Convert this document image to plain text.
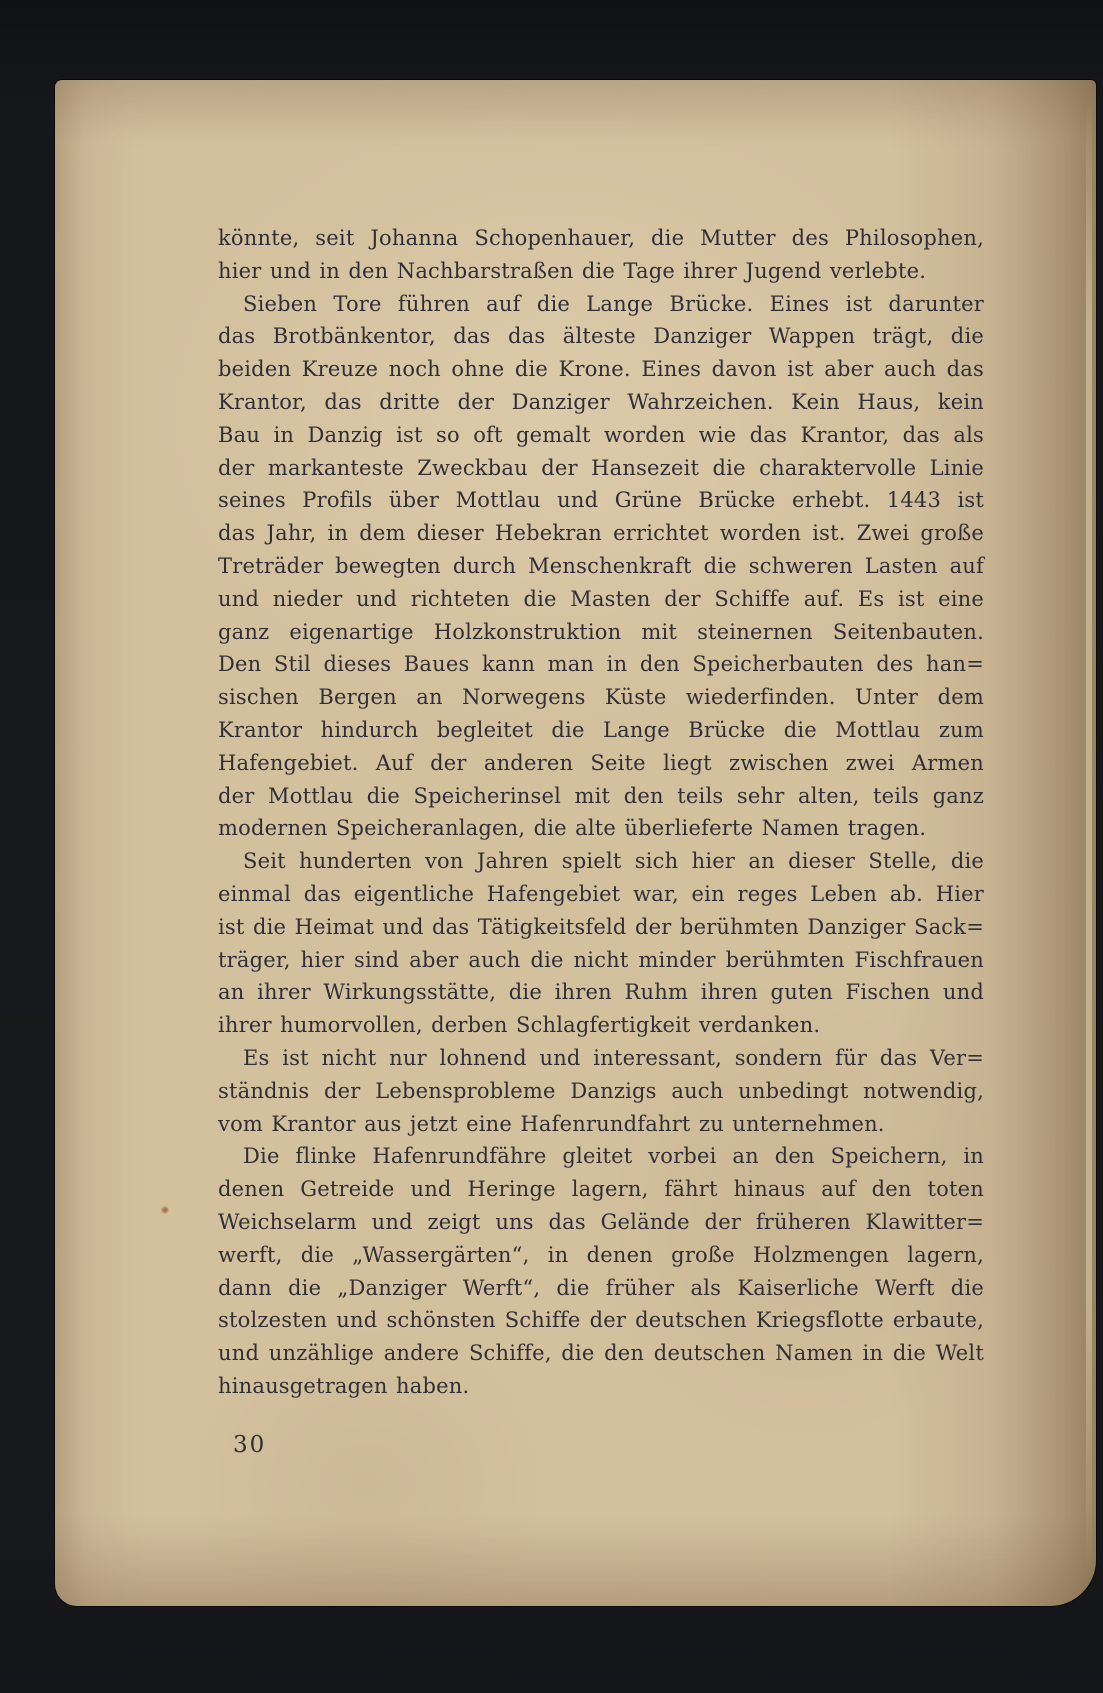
könnte, seit Johanna Schopenhauer, die Mutter des Philosophen,
hier und in den Nachbarstraßen die Tage ihrer Jugend verlebte.
Sieben Tore führen auf die Lange Brücke. Eines ist darunter
das Brotbänkentor, das das älteste Danziger Wappen trägt, die
beiden Kreuze noch ohne die Krone. Eines davon ist aber auch das
Krantor, das dritte der Danziger Wahrzeichen. Kein Haus, kein
Bau in Danzig ist so oft gemalt worden wie das Krantor, das als
der markanteste Zweckbau der Hansezeit die charaktervolle Linie
seines Profils über Mottlau und Grüne Brücke erhebt. 1443 ist
das Jahr, in dem dieser Hebekran errichtet worden ist. Zwei große
Treträder bewegten durch Menschenkraft die schweren Lasten auf
und nieder und richteten die Masten der Schiffe auf. Es ist eine
ganz eigenartige Holzkonstruktion mit steinernen Seitenbauten.
Den Stil dieses Baues kann man in den Speicherbauten des han=
sischen Bergen an Norwegens Küste wiederfinden. Unter dem
Krantor hindurch begleitet die Lange Brücke die Mottlau zum
Hafengebiet. Auf der anderen Seite liegt zwischen zwei Armen
der Mottlau die Speicherinsel mit den teils sehr alten, teils ganz
modernen Speicheranlagen, die alte überlieferte Namen tragen.
Seit hunderten von Jahren spielt sich hier an dieser Stelle, die
einmal das eigentliche Hafengebiet war, ein reges Leben ab. Hier
ist die Heimat und das Tätigkeitsfeld der berühmten Danziger Sack=
träger, hier sind aber auch die nicht minder berühmten Fischfrauen
an ihrer Wirkungsstätte, die ihren Ruhm ihren guten Fischen und
ihrer humorvollen, derben Schlagfertigkeit verdanken.
Es ist nicht nur lohnend und interessant, sondern für das Ver=
ständnis der Lebensprobleme Danzigs auch unbedingt notwendig,
vom Krantor aus jetzt eine Hafenrundfahrt zu unternehmen.
Die flinke Hafenrundfähre gleitet vorbei an den Speichern, in
denen Getreide und Heringe lagern, fährt hinaus auf den toten
Weichselarm und zeigt uns das Gelände der früheren Klawitter=
werft, die „Wassergärten“, in denen große Holzmengen lagern,
dann die „Danziger Werft“, die früher als Kaiserliche Werft die
stolzesten und schönsten Schiffe der deutschen Kriegsflotte erbaute,
und unzählige andere Schiffe, die den deutschen Namen in die Welt
hinausgetragen haben.
30
